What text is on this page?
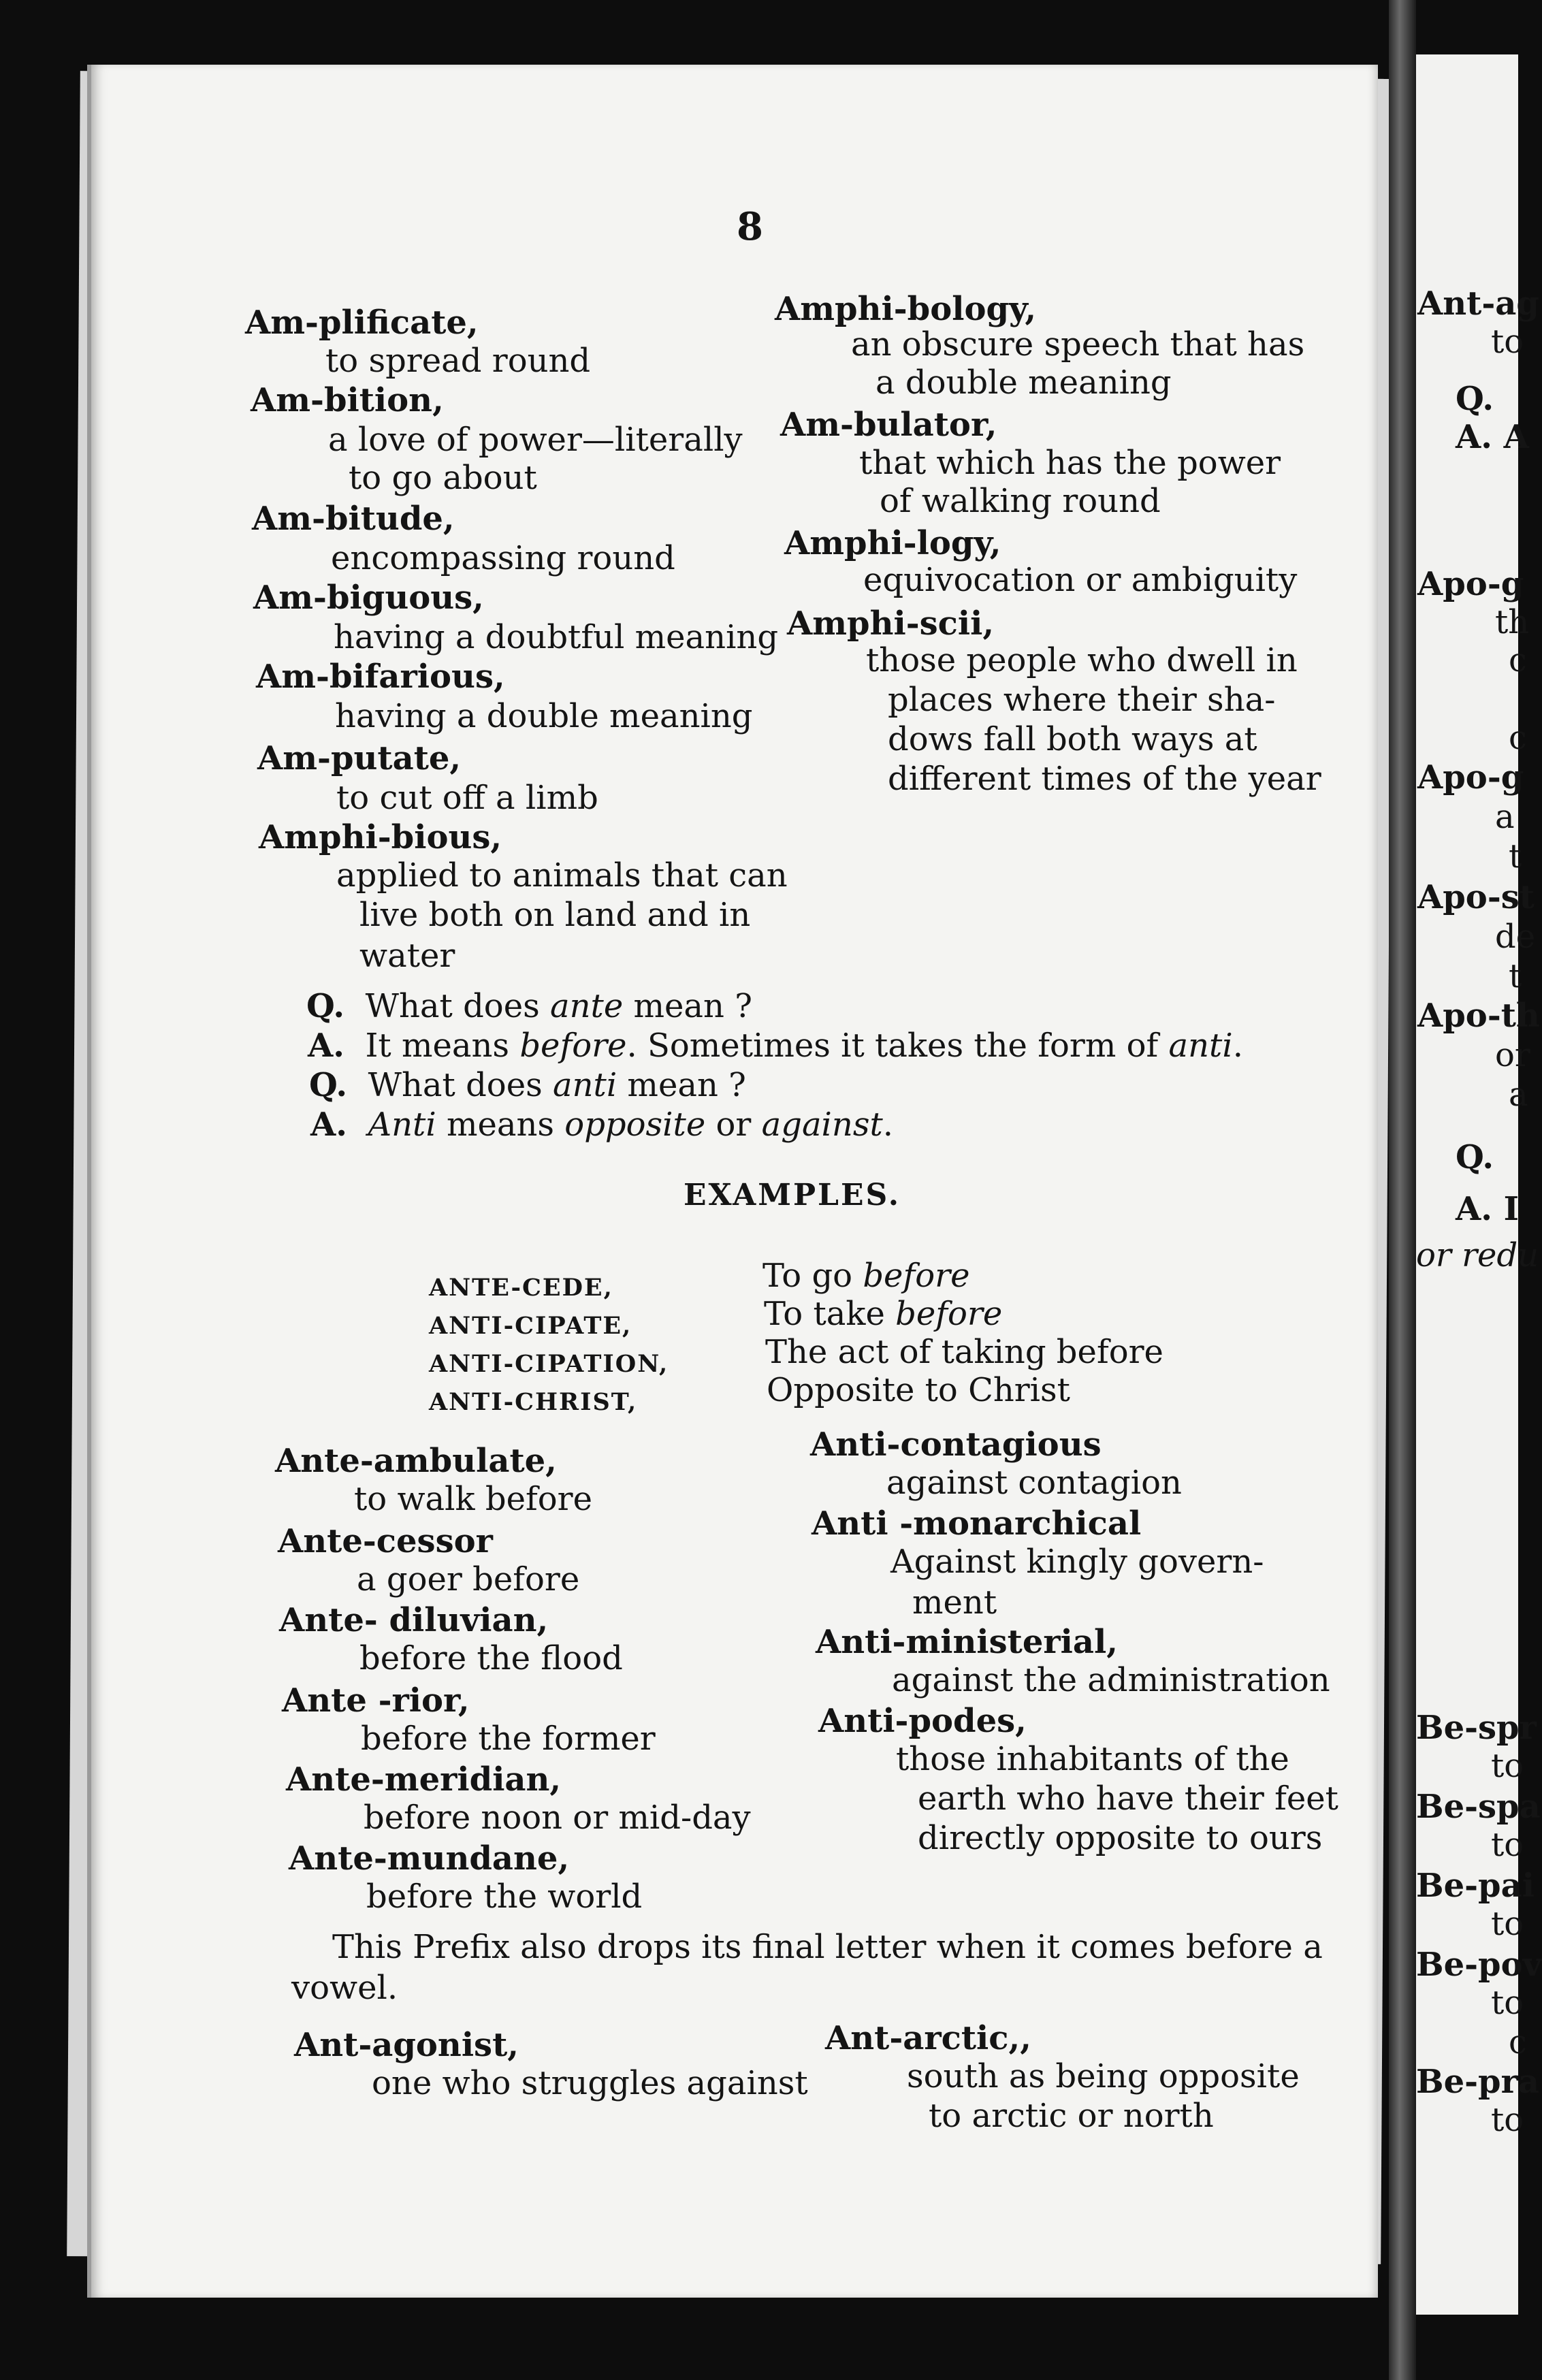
Ant-ag
to
Q.
A. A
Apo-g
th
c
c
Apo-g
a
t
Apo-st
de
t
Apo-th
or
a
Q.
A. I
or redu
Be-spr
to
Be-spa
to
Be-pai
to
Be-pov
to
c
Be-pra
to
8
Am-plificate,
to spread round
Am-bition,
a love of power—literally
to go about
Am-bitude,
encompassing round
Am-biguous,
having a doubtful meaning
Am-bifarious,
having a double meaning
Am-putate,
to cut off a limb
Amphi-bious,
applied to animals that can
live both on land and in
water
Amphi-bology,
an obscure speech that has
a double meaning
Am-bulator,
that which has the power
of walking round
Amphi-logy,
equivocation or ambiguity
Amphi-scii,
those people who dwell in
places where their sha-
dows fall both ways at
different times of the year
Q. What does ante mean ?
A. It means before. Sometimes it takes the form of anti.
Q. What does anti mean ?
A. Anti means opposite or against.
EXAMPLES.
ANTE-CEDE,	To go before
ANTI-CIPATE,	To take before
ANTI-CIPATION,	The act of taking before
ANTI-CHRIST,	Opposite to Christ
Ante-ambulate,
to walk before
Ante-cessor
a goer before
Ante- diluvian,
before the flood
Ante -rior,
before the former
Ante-meridian,
before noon or mid-day
Ante-mundane,
before the world
Anti-contagious
against contagion
Anti -monarchical
Against kingly govern-
ment
Anti-ministerial,
against the administration
Anti-podes,
those inhabitants of the
earth who have their feet
directly opposite to ours
This Prefix also drops its final letter when it comes before a
vowel.
Ant-agonist,
one who struggles against
Ant-arctic,,
south as being opposite
to arctic or north
